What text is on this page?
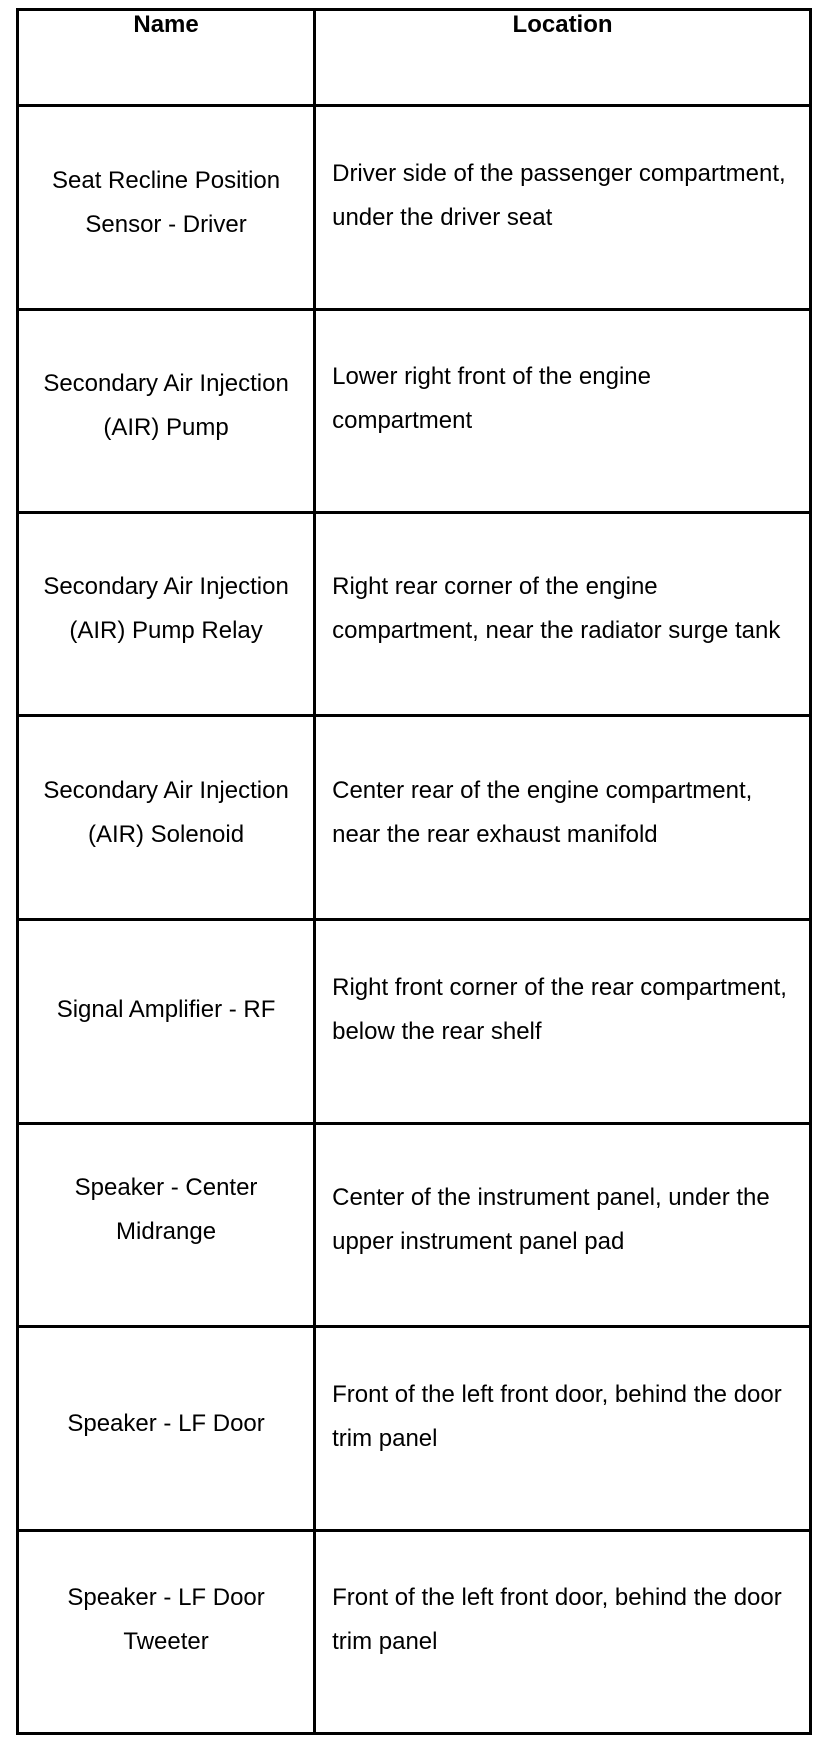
Name	Location

Seat Recline Position Sensor - Driver	Driver side of the passenger compartment, under the driver seat

Secondary Air Injection (AIR) Pump	Lower right front of the engine compartment

Secondary Air Injection (AIR) Pump Relay	Right rear corner of the engine compartment, near the radiator surge tank

Secondary Air Injection (AIR) Solenoid	Center rear of the engine compartment, near the rear exhaust manifold

Signal Amplifier - RF	Right front corner of the rear compartment, below the rear shelf

Speaker - Center Midrange	Center of the instrument panel, under the upper instrument panel pad

Speaker - LF Door	Front of the left front door, behind the door trim panel

Speaker - LF Door Tweeter	Front of the left front door, behind the door trim panel
